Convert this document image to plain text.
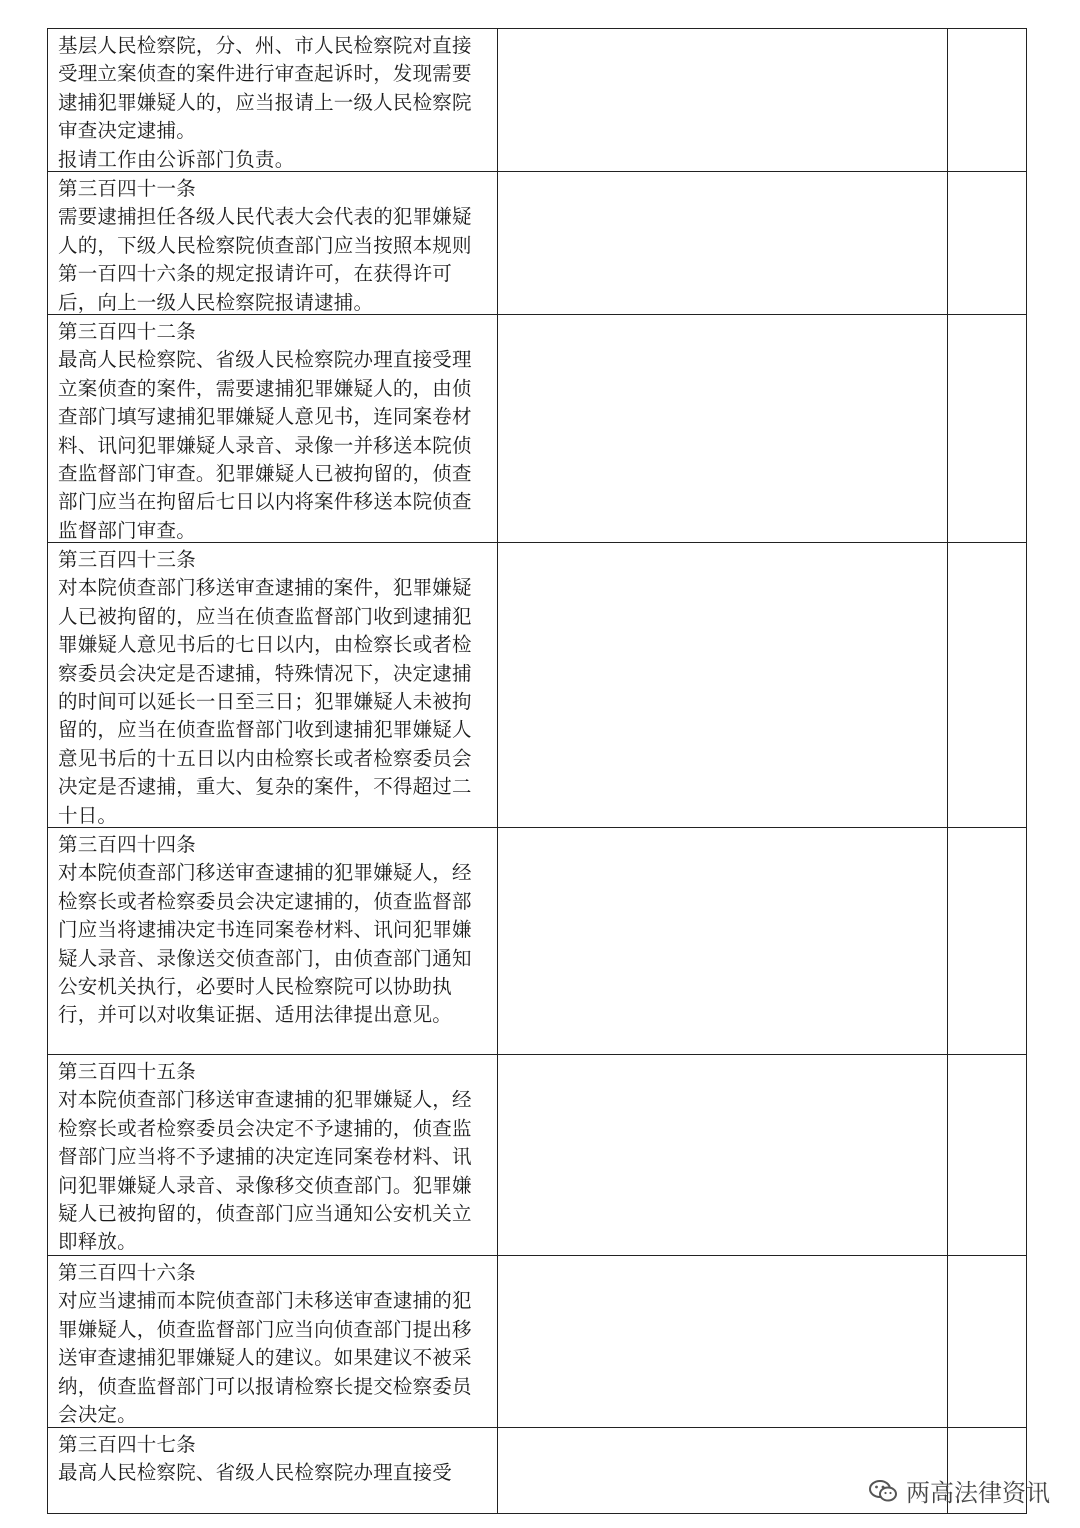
基层人民检察院，分、州、市人民检察院对直接受理立案侦查的案件进行审查起诉时，发现需要逮捕犯罪嫌疑人的，应当报请上一级人民检察院审查决定逮捕。

报请工作由公诉部门负责。		

第三百四十一条

需要逮捕担任各级人民代表大会代表的犯罪嫌疑人的，下级人民检察院侦查部门应当按照本规则 第一百四十六条的规定报请许可，在获得许可后，向上一级人民检察院报请逮捕。		

第三百四十二条

最高人民检察院、省级人民检察院办理直接受理立案侦查的案件，需要逮捕犯罪嫌疑人的，由侦查部门填写逮捕犯罪嫌疑人意见书，连同案卷材料、讯问犯罪嫌疑人录音、录像一并移送本院侦查监督部门审查。犯罪嫌疑人已被拘留的，侦查部门应当在拘留后七日以内将案件移送本院侦查监督部门审查。		

第三百四十三条

对本院侦查部门移送审查逮捕的案件，犯罪嫌疑人已被拘留的，应当在侦查监督部门收到逮捕犯罪嫌疑人意见书后的七日以内，由检察长或者检察委员会决定是否逮捕，特殊情况下，决定逮捕的时间可以延长一日至三日；犯罪嫌疑人未被拘留的，应当在侦查监督部门收到逮捕犯罪嫌疑人意见书后的十五日以内由检察长或者检察委员会决定是否逮捕，重大、复杂的案件，不得超过二十日。		

第三百四十四条

对本院侦查部门移送审查逮捕的犯罪嫌疑人，经检察长或者检察委员会决定逮捕的，侦查监督部门应当将逮捕决定书连同案卷材料、讯问犯罪嫌疑人录音、录像送交侦查部门，由侦查部门通知公安机关执行，必要时人民检察院可以协助执行，并可以对收集证据、适用法律提出意见。		

第三百四十五条

对本院侦查部门移送审查逮捕的犯罪嫌疑人，经检察长或者检察委员会决定不予逮捕的，侦查监督部门应当将不予逮捕的决定连同案卷材料、讯问犯罪嫌疑人录音、录像移交侦查部门。犯罪嫌疑人已被拘留的，侦查部门应当通知公安机关立即释放。		

第三百四十六条

对应当逮捕而本院侦查部门未移送审查逮捕的犯罪嫌疑人，侦查监督部门应当向侦查部门提出移送审查逮捕犯罪嫌疑人的建议。如果建议不被采纳，侦查监督部门可以报请检察长提交检察委员会决定。		

第三百四十七条

最高人民检察院、省级人民检察院办理直接受		

两高法律资讯
